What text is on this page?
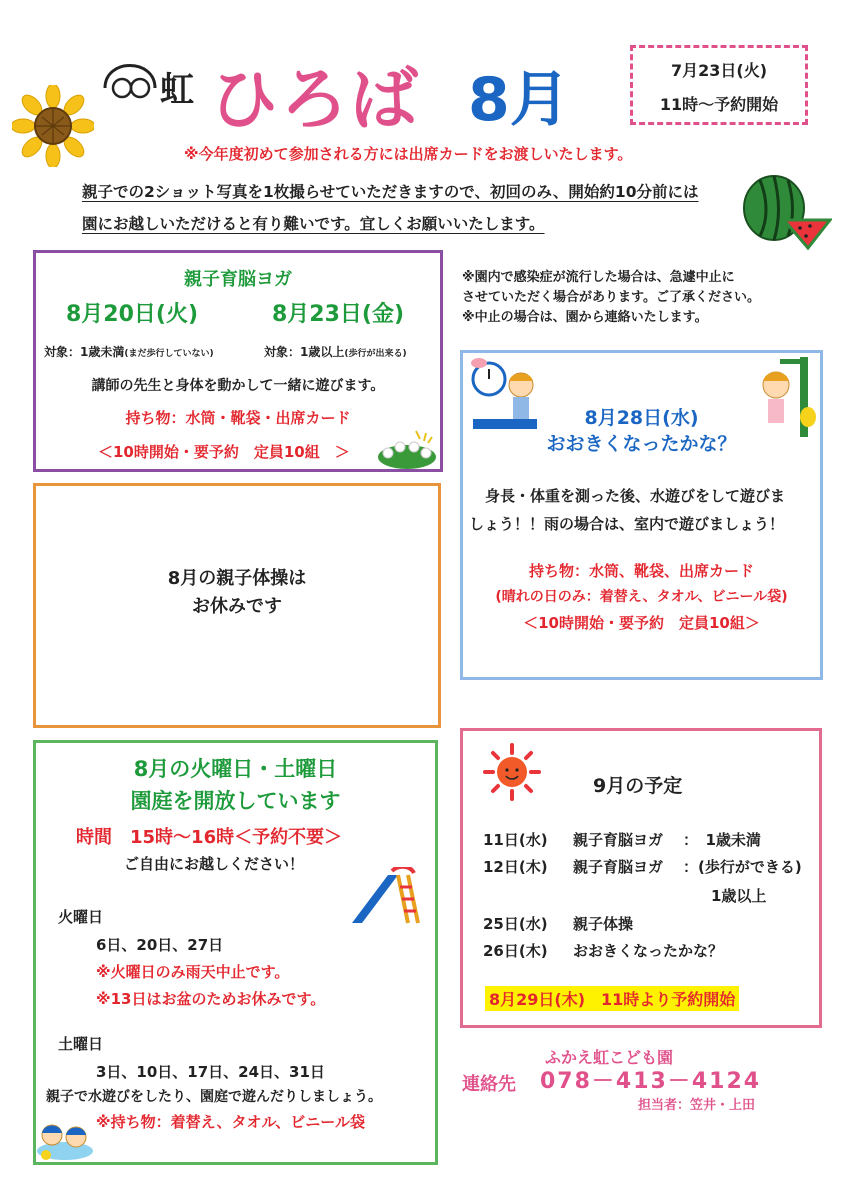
虹 ひろば 8月	7月23日(火)
11時～予約開始
※今年度初めて参加される方には出席カードをお渡しいたします。
親子での2ショット写真を1枚撮らせていただきますので、初回のみ、開始約10分前には
園にお越しいただけると有り難いです。宜しくお願いいたします。
親子育脳ヨガ
8月20日(火)	8月23日(金)
対象：1歳未満(まだ歩行していない)	対象：1歳以上(歩行が出来る)
講師の先生と身体を動かして一緒に遊びます。
持ち物：水筒・靴袋・出席カード
＜10時開始・要予約　定員10組　＞
※園内で感染症が流行した場合は、急遽中止に
させていただく場合があります。ご了承ください。
※中止の場合は、園から連絡いたします。
8月の親子体操は
お休みです
8月28日(水)
おおきくなったかな？
身長・体重を測った後、水遊びをして遊びま
しょう！！雨の場合は、室内で遊びましょう！
持ち物：水筒、靴袋、出席カード
(晴れの日のみ：着替え、タオル、ビニール袋)
＜10時開始・要予約　定員10組＞
8月の火曜日・土曜日
園庭を開放しています
時間　15時～16時＜予約不要＞
ご自由にお越しください！
火曜日
6日、20日、27日
※火曜日のみ雨天中止です。
※13日はお盆のためお休みです。
土曜日
3日、10日、17日、24日、31日
親子で水遊びをしたり、園庭で遊んだりしましょう。
※持ち物：着替え、タオル、ビニール袋
9月の予定
11日(水) 親子育脳ヨガ ：　1歳未満
12日(木) 親子育脳ヨガ ：(歩行ができる)
1歳以上
25日(水) 親子体操
26日(木) おおきくなったかな？
8月29日(木)　11時より予約開始
ふかえ虹こども園
連絡先 078－413－4124
担当者：笠井・上田
